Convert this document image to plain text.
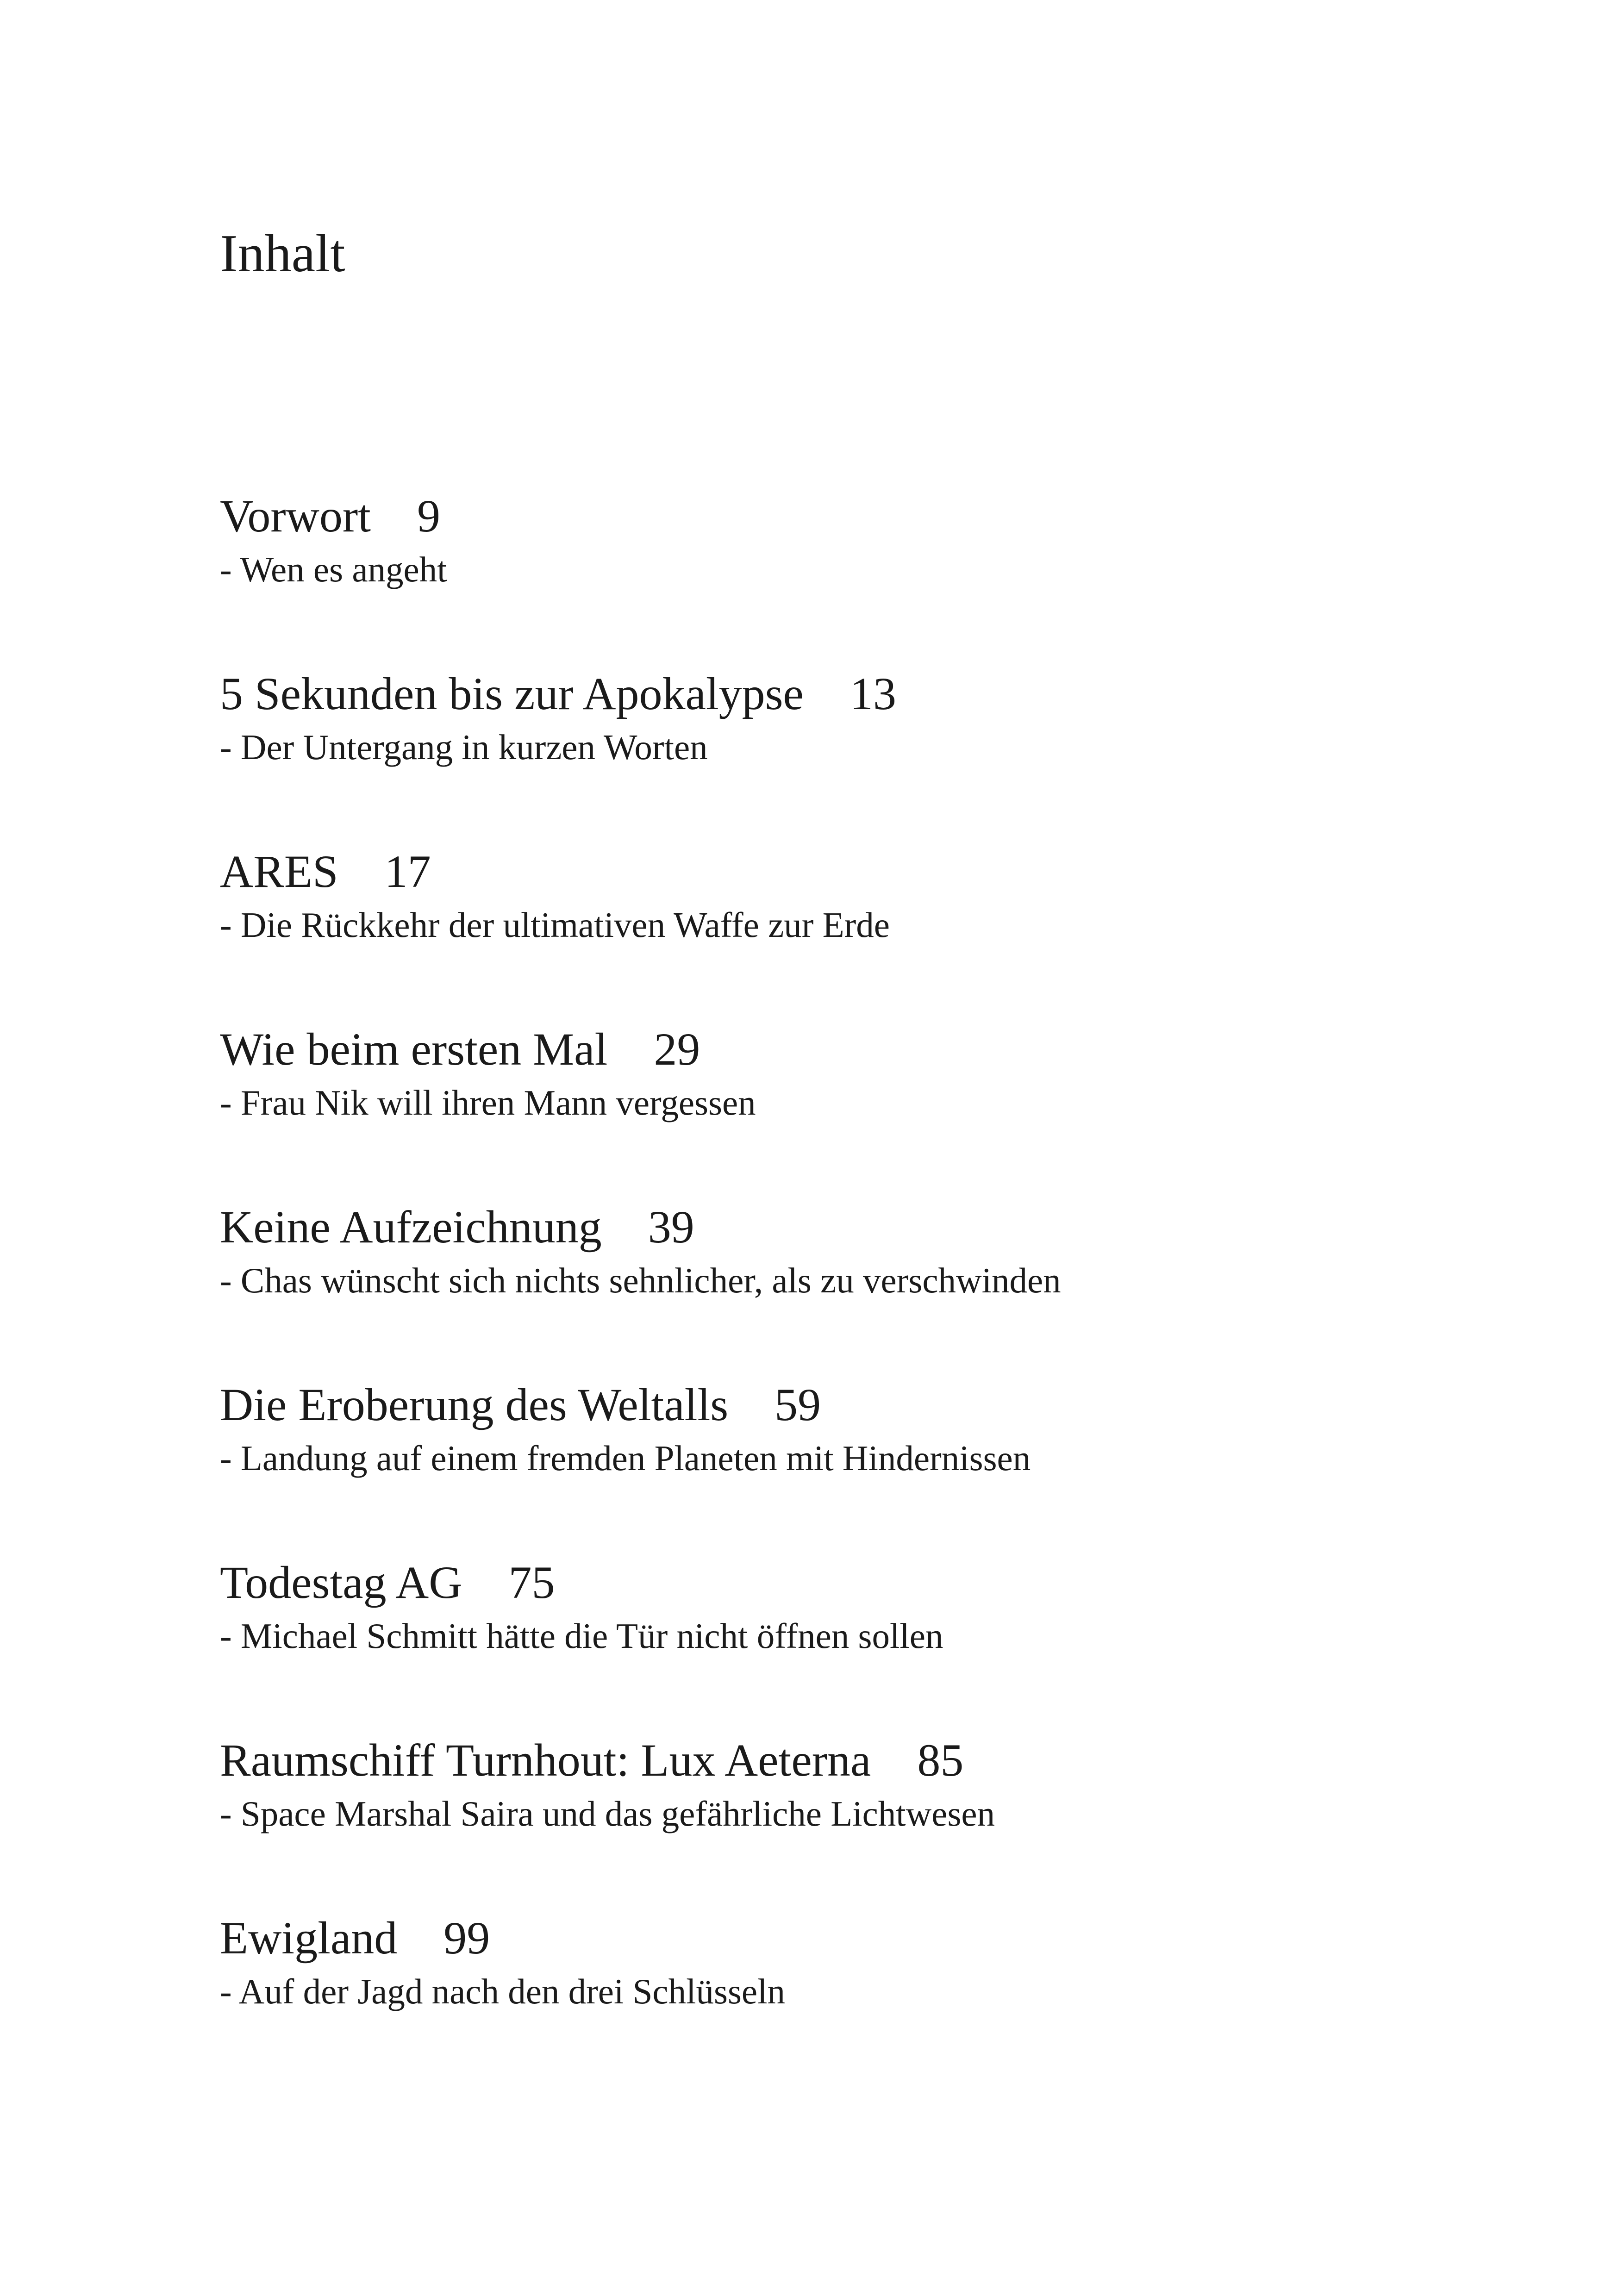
Inhalt
Vorwort 9
- Wen es angeht
5 Sekunden bis zur Apokalypse 13
- Der Untergang in kurzen Worten
ARES 17
- Die Rückkehr der ultimativen Waffe zur Erde
Wie beim ersten Mal 29
- Frau Nik will ihren Mann vergessen
Keine Aufzeichnung 39
- Chas wünscht sich nichts sehnlicher, als zu verschwinden
Die Eroberung des Weltalls 59
- Landung auf einem fremden Planeten mit Hindernissen
Todestag AG 75
- Michael Schmitt hätte die Tür nicht öffnen sollen
Raumschiff Turnhout: Lux Aeterna 85
- Space Marshal Saira und das gefährliche Lichtwesen
Ewigland 99
- Auf der Jagd nach den drei Schlüsseln
